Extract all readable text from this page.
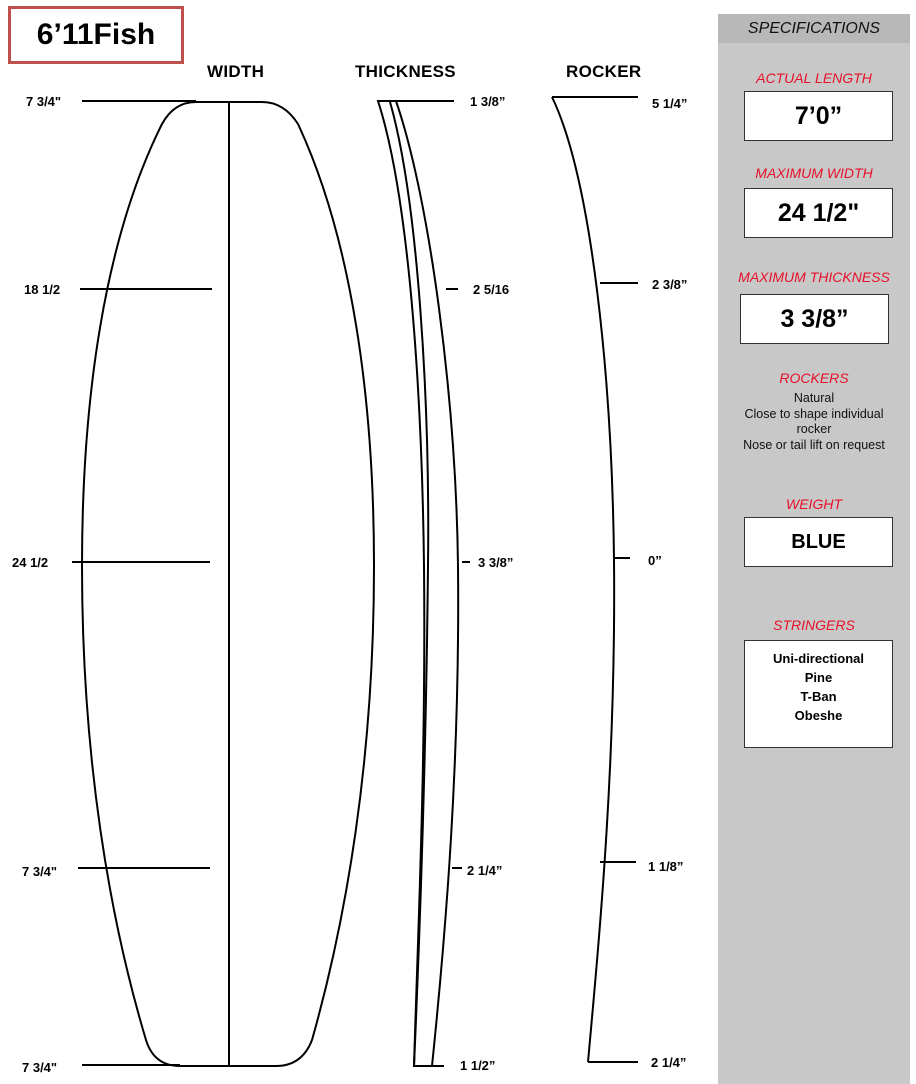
6’11Fish
WIDTH	THICKNESS	ROCKER
7 3/4"
18 1/2
24 1/2
7 3/4"
7 3/4"
1 3/8”
2 5/16
3 3/8”
2 1/4”
1 1/2”
5 1/4”
2 3/8”
0”
1 1/8”
2 1/4”
SPECIFICATIONS
ACTUAL LENGTH
7’0”
MAXIMUM WIDTH
24 1/2"
MAXIMUM THICKNESS
3 3/8”
ROCKERS
Natural
Close to shape individual
rocker
Nose or tail lift on request
WEIGHT
BLUE
STRINGERS
Uni-directional
Pine
T-Ban
Obeshe
